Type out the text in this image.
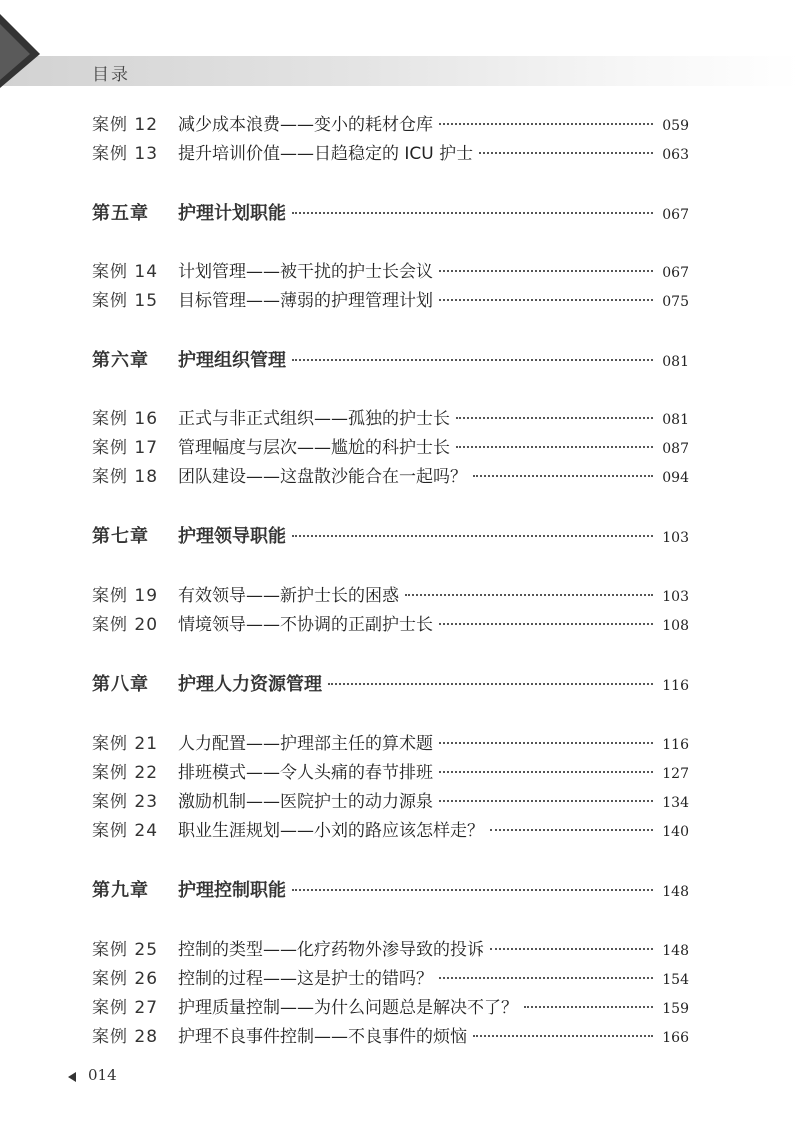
目录
案例 12	减少成本浪费——变小的耗材仓库	059
案例 13	提升培训价值——日趋稳定的 ICU 护士	063
第五章	护理计划职能	067
案例 14	计划管理——被干扰的护士长会议	067
案例 15	目标管理——薄弱的护理管理计划	075
第六章	护理组织管理	081
案例 16	正式与非正式组织——孤独的护士长	081
案例 17	管理幅度与层次——尴尬的科护士长	087
案例 18	团队建设——这盘散沙能合在一起吗？	094
第七章	护理领导职能	103
案例 19	有效领导——新护士长的困惑	103
案例 20	情境领导——不协调的正副护士长	108
第八章	护理人力资源管理	116
案例 21	人力配置——护理部主任的算术题	116
案例 22	排班模式——令人头痛的春节排班	127
案例 23	激励机制——医院护士的动力源泉	134
案例 24	职业生涯规划——小刘的路应该怎样走？	140
第九章	护理控制职能	148
案例 25	控制的类型——化疗药物外渗导致的投诉	148
案例 26	控制的过程——这是护士的错吗？	154
案例 27	护理质量控制——为什么问题总是解决不了？	159
案例 28	护理不良事件控制——不良事件的烦恼	166
014
